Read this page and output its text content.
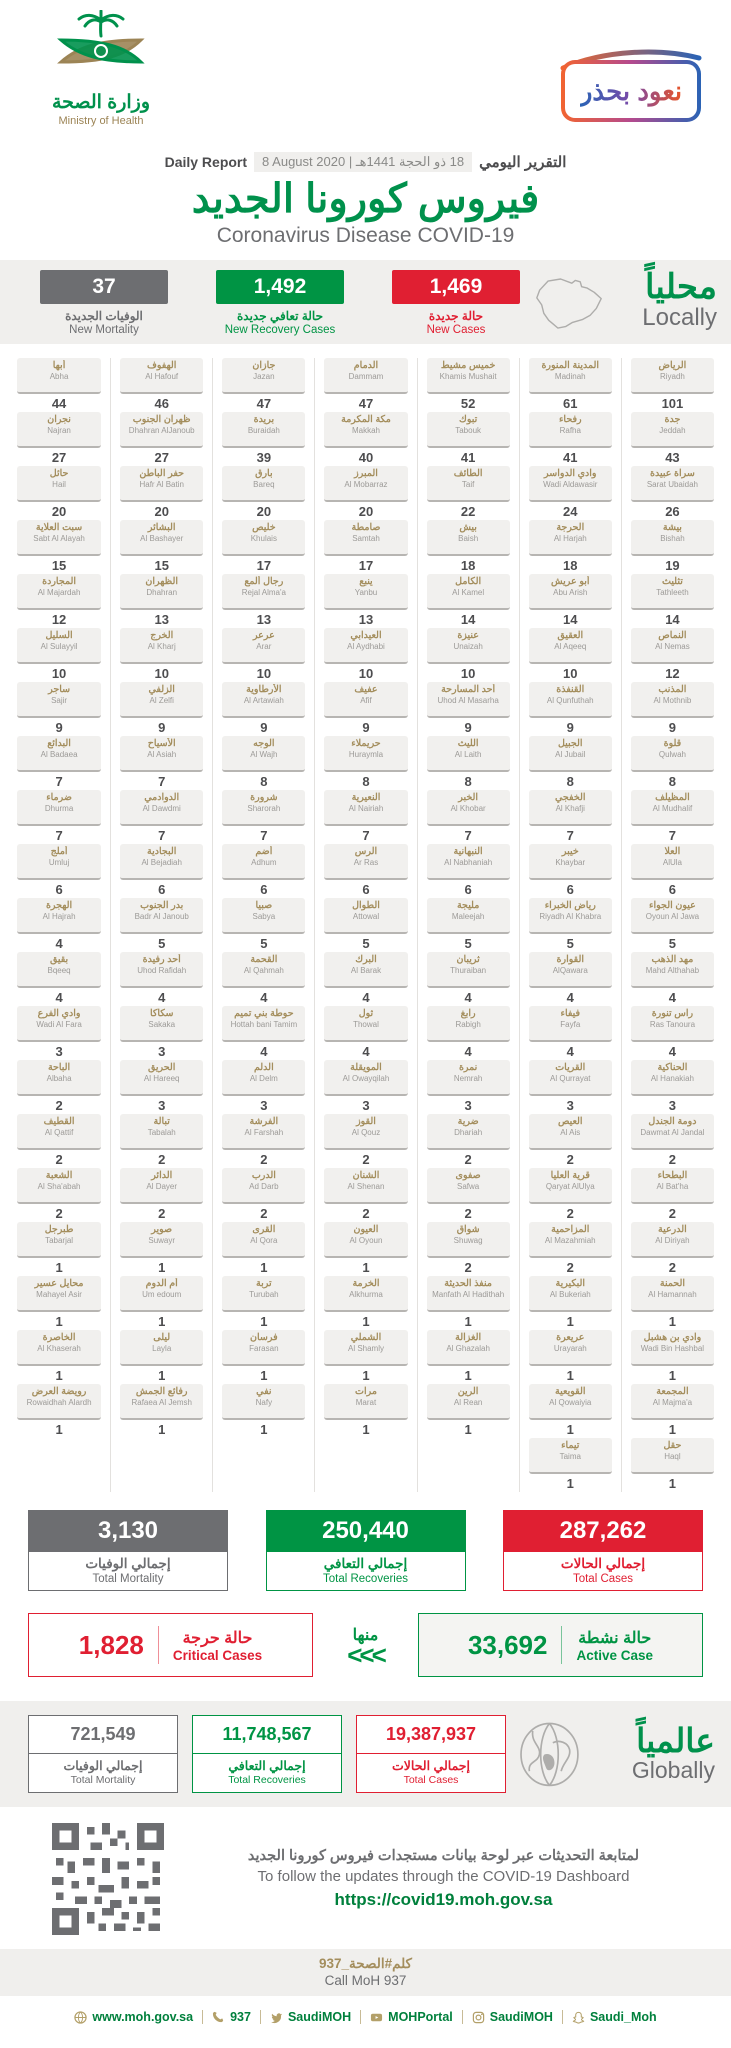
وزارة الصحة
Ministry of Health
نعود بحذر
Daily Report	8 August 2020 | 18 ذو الحجة 1441هـ	التقرير اليومي
فيروس كورونا الجديد
Coronavirus Disease COVID-19
محلياً
Locally
37
الوفيات الجديدة
New Mortality
1,492
حالة تعافي جديدة
New Recovery Cases
1,469
حالة جديدة
New Cases
أبها
Abha
44
الهفوف
Al Hafouf
46
جازان
Jazan
47
الدمام
Dammam
47
خميس مشيط
Khamis Mushait
52
المدينة المنورة
Madinah
61
الرياض
Riyadh
101
نجران
Najran
27
ظهران الجنوب
Dhahran AlJanoub
27
بريدة
Buraidah
39
مكة المكرمة
Makkah
40
تبوك
Tabouk
41
رفحاء
Rafha
41
جدة
Jeddah
43
حائل
Hail
20
حفر الباطن
Hafr Al Batin
20
بارق
Bareq
20
المبرز
Al Mobarraz
20
الطائف
Taif
22
وادي الدواسر
Wadi Aldawasir
24
سراة عبيدة
Sarat Ubaidah
26
سبت العلاية
Sabt Al Alayah
15
البشائر
Al Bashayer
15
خليص
Khulais
17
صامطة
Samtah
17
بيش
Baish
18
الحرجة
Al Harjah
18
بيشة
Bishah
19
المجاردة
Al Majardah
12
الظهران
Dhahran
13
رجال ألمع
Rejal Alma'a
13
ينبع
Yanbu
13
الكامل
Al Kamel
14
أبو عريش
Abu Arish
14
تثليث
Tathleeth
14
السليل
Al Sulayyil
10
الخرج
Al Kharj
10
عرعر
Arar
10
العيدابي
Al Aydhabi
10
عنيزة
Unaizah
10
العقيق
Al Aqeeq
10
النماص
Al Nemas
12
ساجر
Sajir
9
الزلفي
Al Zelfi
9
الأرطاوية
Al Artawiah
9
عفيف
Afif
9
أحد المسارحة
Uhod Al Masarha
9
القنفذة
Al Qunfuthah
9
المذنب
Al Mothnib
9
البدائع
Al Badaea
7
الأسياح
Al Asiah
7
الوجه
Al Wajh
8
حريملاء
Huraymla
8
الليث
Al Laith
8
الجبيل
Al Jubail
8
قلوة
Qulwah
8
ضرماء
Dhurma
7
الدوادمي
Al Dawdmi
7
شرورة
Sharorah
7
النعيرية
Al Nairiah
7
الخبر
Al Khobar
7
الخفجي
Al Khafji
7
المظيلف
Al Mudhalif
7
أملج
Umluj
6
البجادية
Al Bejadiah
6
أضم
Adhum
6
الرس
Ar Ras
6
النبهانية
Al Nabhaniah
6
خيبر
Khaybar
6
العلا
AlUla
6
الهجرة
Al Hajrah
4
بدر الجنوب
Badr Al Janoub
5
صبيا
Sabya
5
الطوال
Attowal
5
مليجة
Maleejah
5
رياض الخبراء
Riyadh Al Khabra
5
عيون الجواء
Oyoun Al Jawa
5
بقيق
Bqeeq
4
أحد رفيدة
Uhod Rafidah
4
القحمة
Al Qahmah
4
البرك
Al Barak
4
ثريبان
Thuraiban
4
القوارة
AlQawara
4
مهد الذهب
Mahd Althahab
4
وادي الفرع
Wadi Al Fara
3
سكاكا
Sakaka
3
حوطة بني تميم
Hottah bani Tamim
4
ثول
Thowal
4
رابغ
Rabigh
4
فيفاء
Fayfa
4
راس تنورة
Ras Tanoura
4
الباحة
Albaha
2
الحريق
Al Hareeq
3
الدلم
Al Delm
3
المويقلة
Al Owayqilah
3
نمرة
Nemrah
3
القريات
Al Qurrayat
3
الحناكية
Al Hanakiah
3
القطيف
Al Qattif
2
تبالة
Tabalah
2
الفرشة
Al Farshah
2
القوز
Al Qouz
2
ضرية
Dhariah
2
العيص
Al Ais
2
دومة الجندل
Dawmat Al Jandal
2
الشعبة
Al Sha'abah
2
الدائر
Al Dayer
2
الدرب
Ad Darb
2
الشنان
Al Shenan
2
صفوى
Safwa
2
قرية العليا
Qaryat AlUlya
2
البطحاء
Al Bat'ha
2
طبرجل
Tabarjal
1
صوير
Suwayr
1
القرى
Al Qora
1
العيون
Al Oyoun
1
شواق
Shuwag
2
المزاحمية
Al Mazahmiah
2
الدرعية
Al Diriyah
2
محايل عسير
Mahayel Asir
1
أم الدوم
Um edoum
1
تربة
Turubah
1
الخرمة
Alkhurma
1
منفذ الحديثة
Manfath Al Hadithah
1
البكيرية
Al Bukeriah
1
الحمنة
Al Hamannah
1
الخاصرة
Al Khaserah
1
ليلى
Layla
1
فرسان
Farasan
1
الشملي
Al Shamly
1
الغزالة
Al Ghazalah
1
عريعرة
Urayarah
1
وادي بن هشبل
Wadi Bin Hashbal
1
رويضة العرض
Rowaidhah Alardh
1
رفائع الجمش
Rafaea Al Jemsh
1
نفي
Nafy
1
مرات
Marat
1
الرين
Al Rean
1
القويعية
Al Qowaiyia
1
المجمعة
Al Majma'a
1
تيماء
Taima
1
حقل
Haql
1
3,130
إجمالي الوفيات
Total Mortality
250,440
إجمالي التعافي
Total Recoveries
287,262
إجمالي الحالات
Total Cases
1,828	حالة حرجة
Critical Cases
منها
<<<	33,692 حالة نشطة
Active Case
عالمياً
Globally
721,549
إجمالي الوفيات
Total Mortality
11,748,567
إجمالي التعافي
Total Recoveries
19,387,937
إجمالي الحالات
Total Cases
لمتابعة التحديثات عبر لوحة بيانات مستجدات فيروس كورونا الجديد
To follow the updates through the COVID-19 Dashboard
https://covid19.moh.gov.sa
كلم#الصحة_937
Call MoH 937
www.moh.gov.sa	937	SaudiMOH	MOHPortal	SaudiMOH	Saudi_Moh
